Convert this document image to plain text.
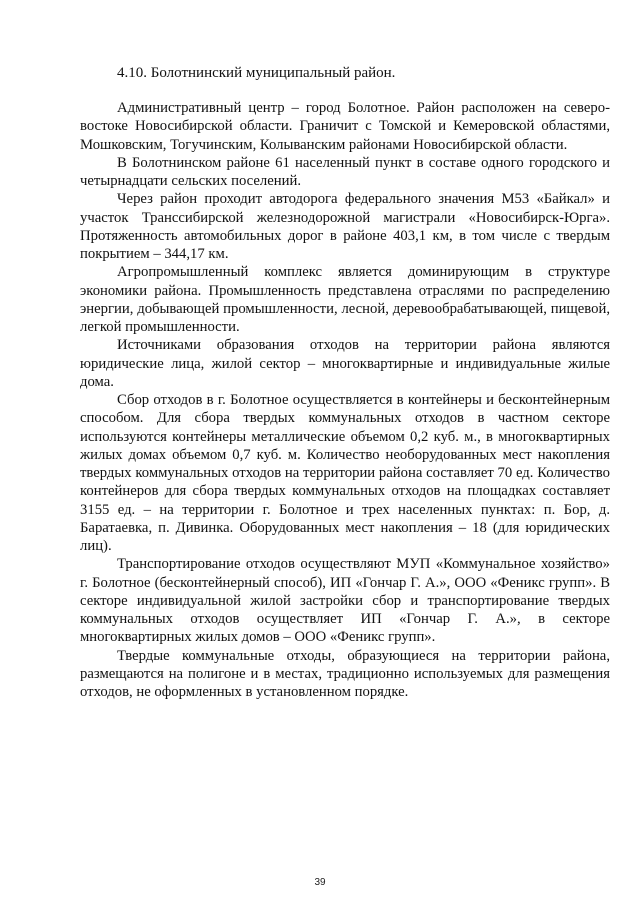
4.10. Болотнинский муниципальный район.

Административный центр – город Болотное. Район расположен на северо-востоке Новосибирской области. Граничит с Томской и Кемеровской областями, Мошковским, Тогучинским, Колыванским районами Новосибирской области.

В Болотнинском районе 61 населенный пункт в составе одного городского и четырнадцати сельских поселений.

Через район проходит автодорога федерального значения М53 «Байкал» и участок Транссибирской железнодорожной магистрали «Новосибирск-Юрга». Протяженность автомобильных дорог в районе 403,1 км, в том числе с твердым покрытием – 344,17 км.

Агропромышленный комплекс является доминирующим в структуре экономики района. Промышленность представлена отраслями по распределению энергии, добывающей промышленности, лесной, деревообрабатывающей, пищевой, легкой промышленности.

Источниками образования отходов на территории района являются юридические лица, жилой сектор – многоквартирные и индивидуальные жилые дома.

Сбор отходов в г. Болотное осуществляется в контейнеры и бесконтейнерным способом. Для сбора твердых коммунальных отходов в частном секторе используются контейнеры металлические объемом 0,2 куб. м., в многоквартирных жилых домах объемом 0,7 куб. м. Количество необорудованных мест накопления твердых коммунальных отходов на территории района составляет 70 ед. Количество контейнеров для сбора твердых коммунальных отходов на площадках составляет 3155 ед. – на территории г. Болотное и трех населенных пунктах: п. Бор, д. Баратаевка, п. Дивинка. Оборудованных мест накопления – 18 (для юридических лиц).

Транспортирование отходов осуществляют МУП «Коммунальное хозяйство» г. Болотное (бесконтейнерный способ), ИП «Гончар Г. А.», ООО «Феникс групп». В секторе индивидуальной жилой застройки сбор и транспортирование твердых коммунальных отходов осуществляет ИП «Гончар Г. А.», в секторе многоквартирных жилых домов – ООО «Феникс групп».

Твердые коммунальные отходы, образующиеся на территории района, размещаются на полигоне и в местах, традиционно используемых для размещения отходов, не оформленных в установленном порядке.

39
